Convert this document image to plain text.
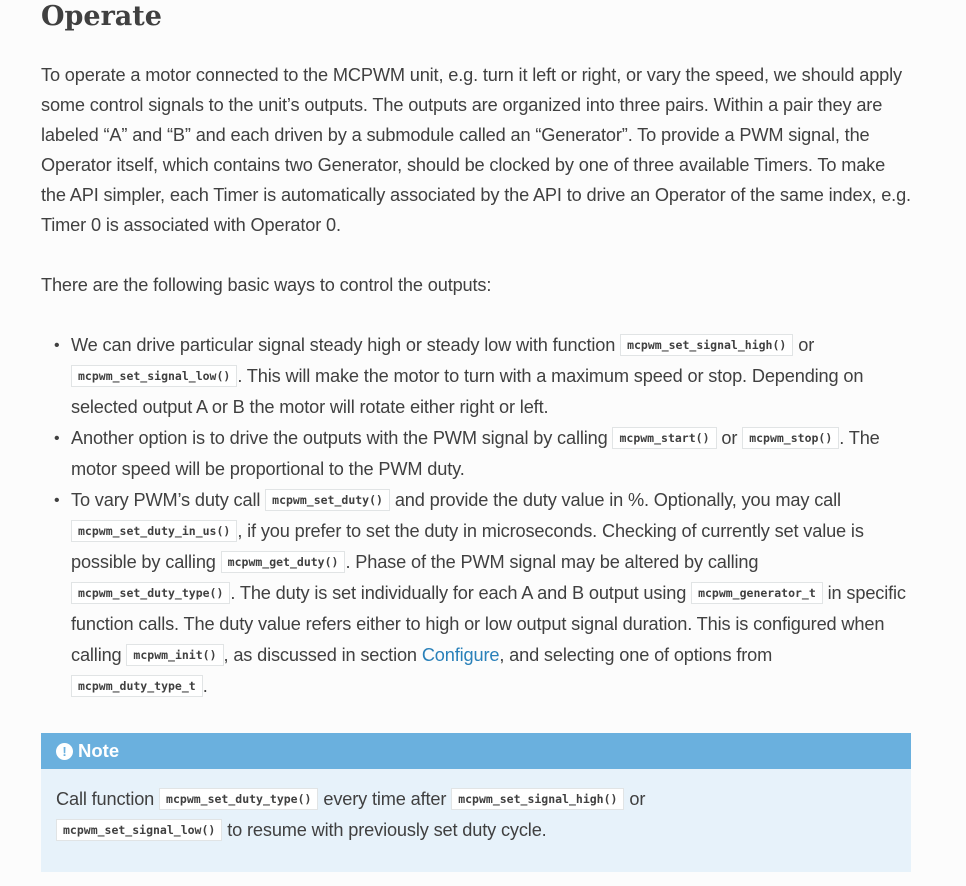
Operate

To operate a motor connected to the MCPWM unit, e.g. turn it left or right, or vary the speed, we should apply some control signals to the unit’s outputs. The outputs are organized into three pairs. Within a pair they are labeled “A” and “B” and each driven by a submodule called an “Generator”. To provide a PWM signal, the Operator itself, which contains two Generator, should be clocked by one of three available Timers. To make the API simpler, each Timer is automatically associated by the API to drive an Operator of the same index, e.g. Timer 0 is associated with Operator 0.

There are the following basic ways to control the outputs:

• We can drive particular signal steady high or steady low with function mcpwm_set_signal_high() or mcpwm_set_signal_low() . This will make the motor to turn with a maximum speed or stop. Depending on selected output A or B the motor will rotate either right or left.
• Another option is to drive the outputs with the PWM signal by calling mcpwm_start() or mcpwm_stop() . The motor speed will be proportional to the PWM duty.
• To vary PWM’s duty call mcpwm_set_duty() and provide the duty value in %. Optionally, you may call mcpwm_set_duty_in_us() , if you prefer to set the duty in microseconds. Checking of currently set value is possible by calling mcpwm_get_duty() . Phase of the PWM signal may be altered by calling mcpwm_set_duty_type() . The duty is set individually for each A and B output using mcpwm_generator_t in specific function calls. The duty value refers either to high or low output signal duration. This is configured when calling mcpwm_init() , as discussed in section Configure, and selecting one of options from mcpwm_duty_type_t .
! Note

Call function mcpwm_set_duty_type() every time after mcpwm_set_signal_high() or
mcpwm_set_signal_low() to resume with previously set duty cycle.
